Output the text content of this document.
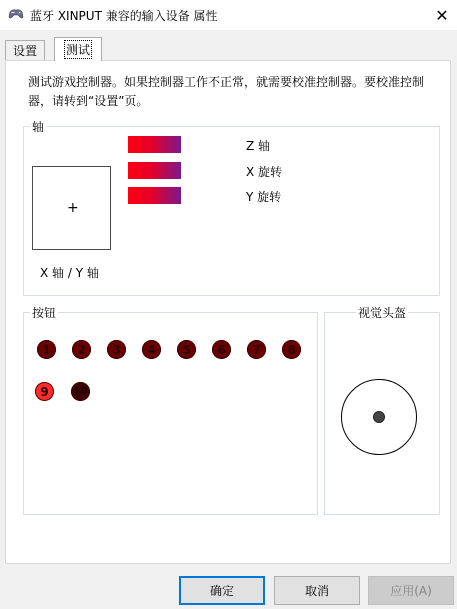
蓝牙 XINPUT 兼容的输入设备 属性	✕
设置 测试
测试游戏控制器。如果控制器工作不正常，就需要校准控制器。要校准控制器，请转到“设置”页。
轴
+
X 轴 / Y 轴
Z 轴
X 旋转
Y 旋转
按钮
1 2 3 4 5 6 7 8
9 10
视觉头盔
确定	取消	应用(A)
